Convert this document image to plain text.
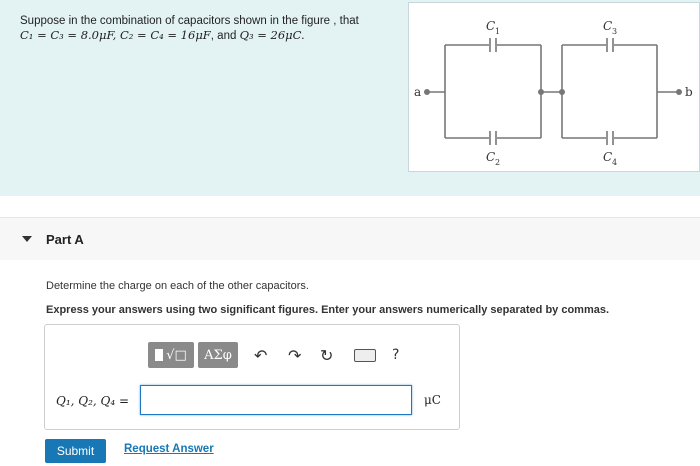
Suppose in the combination of capacitors shown in the figure , that
C₁ = C₃ = 8.0μF, C₂ = C₄ = 16μF, and Q₃ = 26μC.
a	b
C 1
C 2
C 3
C 4
Part A
Determine the charge on each of the other capacitors.
Express your answers using two significant figures. Enter your answers numerically separated by commas.
√□	ΑΣφ	↶ ↷ ↻	?
Q₁, Q₂, Q₄ =	μC
Submit	Request Answer
